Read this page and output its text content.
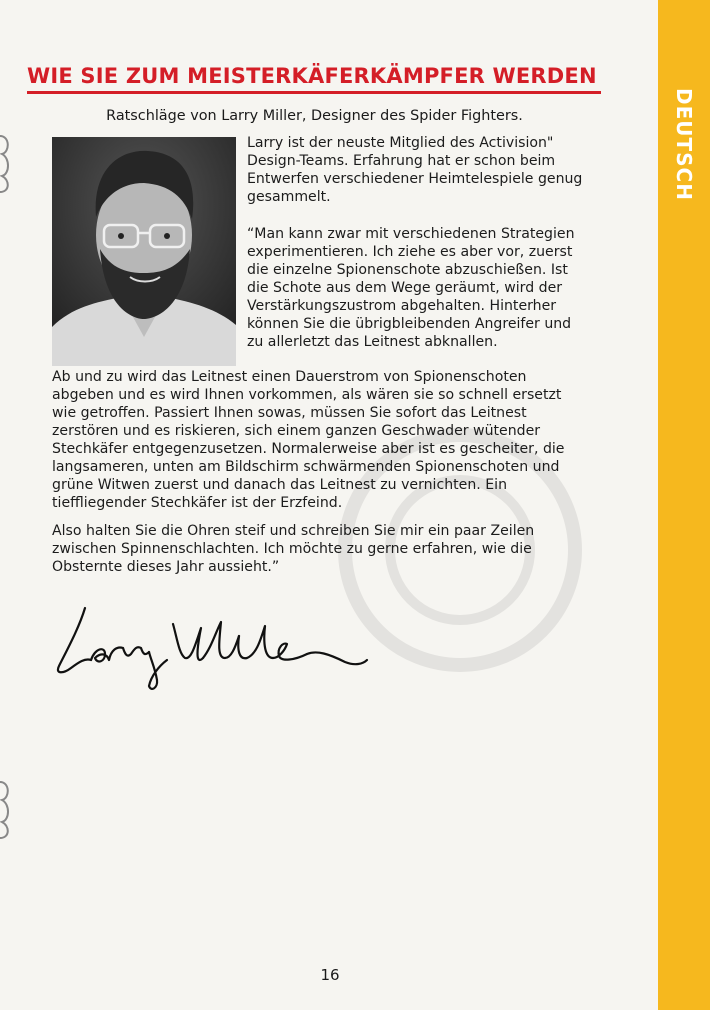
DEUTSCH
WIE SIE ZUM MEISTERKÄFERKÄMPFER WERDEN
Ratschläge von Larry Miller, Designer des Spider Fighters.

Larry ist der neuste Mitglied des Activision"

Design-Teams. Erfahrung hat er schon beim

Entwerfen verschiedener Heimtelespiele genug

gesammelt.

“Man kann zwar mit verschiedenen Strategien

experimentieren. Ich ziehe es aber vor, zuerst

die einzelne Spionenschote abzuschießen. Ist

die Schote aus dem Wege geräumt, wird der

Verstärkungszustrom abgehalten. Hinterher

können Sie die übrigbleibenden Angreifer und

zu allerletzt das Leitnest abknallen.

Ab und zu wird das Leitnest einen Dauerstrom von Spionenschoten

abgeben und es wird Ihnen vorkommen, als wären sie so schnell ersetzt

wie getroffen. Passiert Ihnen sowas, müssen Sie sofort das Leitnest

zerstören und es riskieren, sich einem ganzen Geschwader wütender

Stechkäfer entgegenzusetzen. Normalerweise aber ist es gescheiter, die

langsameren, unten am Bildschirm schwärmenden Spionenschoten und

grüne Witwen zuerst und danach das Leitnest zu vernichten. Ein

tieffliegender Stechkäfer ist der Erzfeind.

Also halten Sie die Ohren steif und schreiben Sie mir ein paar Zeilen

zwischen Spinnenschlachten. Ich möchte zu gerne erfahren, wie die

Obsternte dieses Jahr aussieht.”

16
